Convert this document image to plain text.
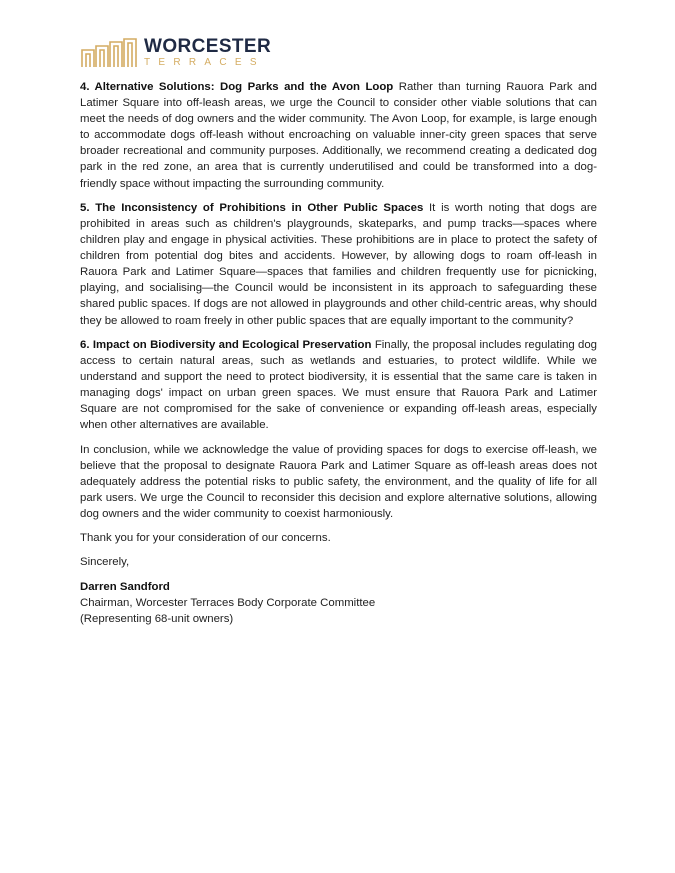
WORCESTER
TERRACES

4. Alternative Solutions: Dog Parks and the Avon Loop Rather than turning Rauora Park and Latimer Square into off-leash areas, we urge the Council to consider other viable solutions that can meet the needs of dog owners and the wider community. The Avon Loop, for example, is large enough to accommodate dogs off-leash without encroaching on valuable inner-city green spaces that serve broader recreational and community purposes. Additionally, we recommend creating a dedicated dog park in the red zone, an area that is currently underutilised and could be transformed into a dog-friendly space without impacting the surrounding community.

5. The Inconsistency of Prohibitions in Other Public Spaces It is worth noting that dogs are prohibited in areas such as children's playgrounds, skateparks, and pump tracks—spaces where children play and engage in physical activities. These prohibitions are in place to protect the safety of children from potential dog bites and accidents. However, by allowing dogs to roam off-leash in Rauora Park and Latimer Square—spaces that families and children frequently use for picnicking, playing, and socialising—the Council would be inconsistent in its approach to safeguarding these shared public spaces. If dogs are not allowed in playgrounds and other child-centric areas, why should they be allowed to roam freely in other public spaces that are equally important to the community?

6. Impact on Biodiversity and Ecological Preservation Finally, the proposal includes regulating dog access to certain natural areas, such as wetlands and estuaries, to protect wildlife. While we understand and support the need to protect biodiversity, it is essential that the same care is taken in managing dogs' impact on urban green spaces. We must ensure that Rauora Park and Latimer Square are not compromised for the sake of convenience or expanding off-leash areas, especially when other alternatives are available.

In conclusion, while we acknowledge the value of providing spaces for dogs to exercise off-leash, we believe that the proposal to designate Rauora Park and Latimer Square as off-leash areas does not adequately address the potential risks to public safety, the environment, and the quality of life for all park users. We urge the Council to reconsider this decision and explore alternative solutions, allowing dog owners and the wider community to coexist harmoniously.

Thank you for your consideration of our concerns.

Sincerely,

Darren Sandford
Chairman, Worcester Terraces Body Corporate Committee
(Representing 68-unit owners)
